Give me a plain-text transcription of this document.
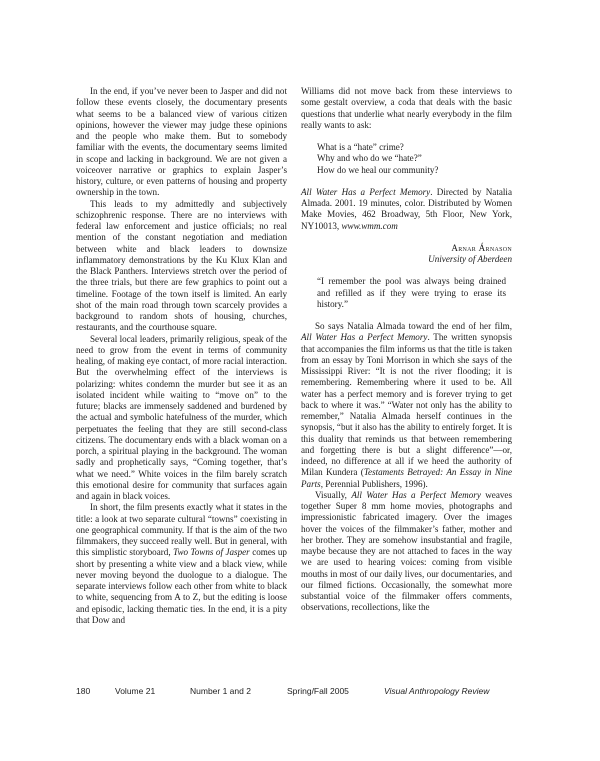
In the end, if you’ve never been to Jasper and did not follow these events closely, the documentary presents what seems to be a balanced view of various citizen opinions, however the viewer may judge these opinions and the people who make them. But to somebody familiar with the events, the documentary seems limited in scope and lacking in background. We are not given a voiceover narrative or graphics to explain Jasper’s history, culture, or even patterns of housing and property ownership in the town.

This leads to my admittedly and subjectively schizophrenic response. There are no interviews with federal law enforcement and justice officials; no real mention of the constant negotiation and mediation between white and black leaders to downsize inflammatory demonstrations by the Ku Klux Klan and the Black Panthers. Interviews stretch over the period of the three trials, but there are few graphics to point out a timeline. Footage of the town itself is limited. An early shot of the main road through town scarcely provides a background to random shots of housing, churches, restaurants, and the courthouse square.

Several local leaders, primarily religious, speak of the need to grow from the event in terms of community healing, of making eye contact, of more racial interaction. But the overwhelming effect of the interviews is polarizing: whites condemn the murder but see it as an isolated incident while waiting to “move on” to the future; blacks are immensely saddened and burdened by the actual and symbolic hatefulness of the murder, which perpetuates the feeling that they are still second-class citizens. The documentary ends with a black woman on a porch, a spiritual playing in the background. The woman sadly and prophetically says, “Coming together, that’s what we need.” White voices in the film barely scratch this emotional desire for community that surfaces again and again in black voices.

In short, the film presents exactly what it states in the title: a look at two separate cultural “towns” coexisting in one geographical community. If that is the aim of the two filmmakers, they succeed really well. But in general, with this simplistic storyboard, Two Towns of Jasper comes up short by presenting a white view and a black view, while never moving beyond the duologue to a dialogue. The separate interviews follow each other from white to black to white, sequencing from A to Z, but the editing is loose and episodic, lacking thematic ties. In the end, it is a pity that Dow and

Williams did not move back from these interviews to some gestalt overview, a coda that deals with the basic questions that underlie what nearly everybody in the film really wants to ask:

What is a “hate” crime?

Why and who do we “hate?”

How do we heal our community?

All Water Has a Perfect Memory. Directed by Natalia Almada. 2001. 19 minutes, color. Distributed by Women Make Movies, 462 Broadway, 5th Floor, New York, NY10013, www.wmm.com

Arnar Árnason

University of Aberdeen

“I remember the pool was always being drained and refilled as if they were trying to erase its history.”

So says Natalia Almada toward the end of her film, All Water Has a Perfect Memory. The written synopsis that accompanies the film informs us that the title is taken from an essay by Toni Morrison in which she says of the Mississippi River: “It is not the river flooding; it is remembering. Remembering where it used to be. All water has a perfect memory and is forever trying to get back to where it was.” “Water not only has the ability to remember,” Natalia Almada herself continues in the synopsis, “but it also has the ability to entirely forget. It is this duality that reminds us that between remembering and forgetting there is but a slight difference”—or, indeed, no difference at all if we heed the authority of Milan Kundera (Testaments Betrayed: An Essay in Nine Parts, Perennial Publishers, 1996).

Visually, All Water Has a Perfect Memory weaves together Super 8 mm home movies, photographs and impressionistic fabricated imagery. Over the images hover the voices of the filmmaker’s father, mother and her brother. They are somehow insubstantial and fragile, maybe because they are not attached to faces in the way we are used to hearing voices: coming from visible mouths in most of our daily lives, our documentaries, and our filmed fictions. Occasionally, the somewhat more substantial voice of the filmmaker offers comments, observations, recollections, like the

180	Volume 21	Number 1 and 2	Spring/Fall 2005	Visual Anthropology Review
